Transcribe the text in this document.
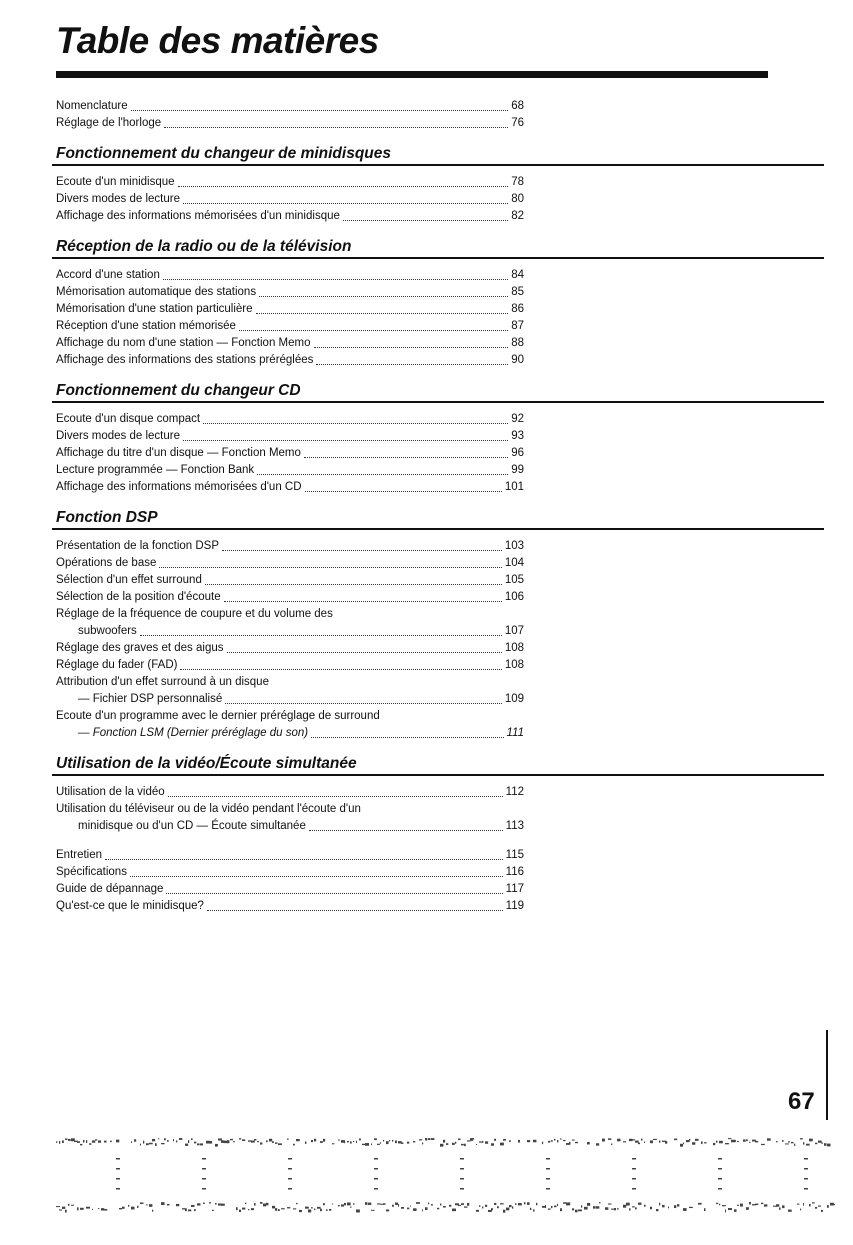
Table des matières
Nomenclature	68
Réglage de l'horloge	76
Fonctionnement du changeur de minidisques
Ecoute d'un minidisque	78
Divers modes de lecture	80
Affichage des informations mémorisées d'un minidisque	82
Réception de la radio ou de la télévision
Accord d'une station	84
Mémorisation automatique des stations	85
Mémorisation d'une station particulière	86
Réception d'une station mémorisée	87
Affichage du nom d'une station — Fonction Memo	88
Affichage des informations des stations préréglées	90
Fonctionnement du changeur CD
Ecoute d'un disque compact	92
Divers modes de lecture	93
Affichage du titre d'un disque — Fonction Memo	96
Lecture programmée — Fonction Bank	99
Affichage des informations mémorisées d'un CD	101
Fonction DSP
Présentation de la fonction DSP	103
Opérations de base	104
Sélection d'un effet surround	105
Sélection de la position d'écoute	106
Réglage de la fréquence de coupure et du volume des
subwoofers	107
Réglage des graves et des aigus	108
Réglage du fader (FAD)	108
Attribution d'un effet surround à un disque
— Fichier DSP personnalisé	109
Ecoute d'un programme avec le dernier préréglage de surround
— Fonction LSM (Dernier préréglage du son)	111
Utilisation de la vidéo/Écoute simultanée
Utilisation de la vidéo	112
Utilisation du téléviseur ou de la vidéo pendant l'écoute d'un
minidisque ou d'un CD — Écoute simultanée	113
Entretien	115
Spécifications	116
Guide de dépannage	117
Qu'est-ce que le minidisque?	119
67
